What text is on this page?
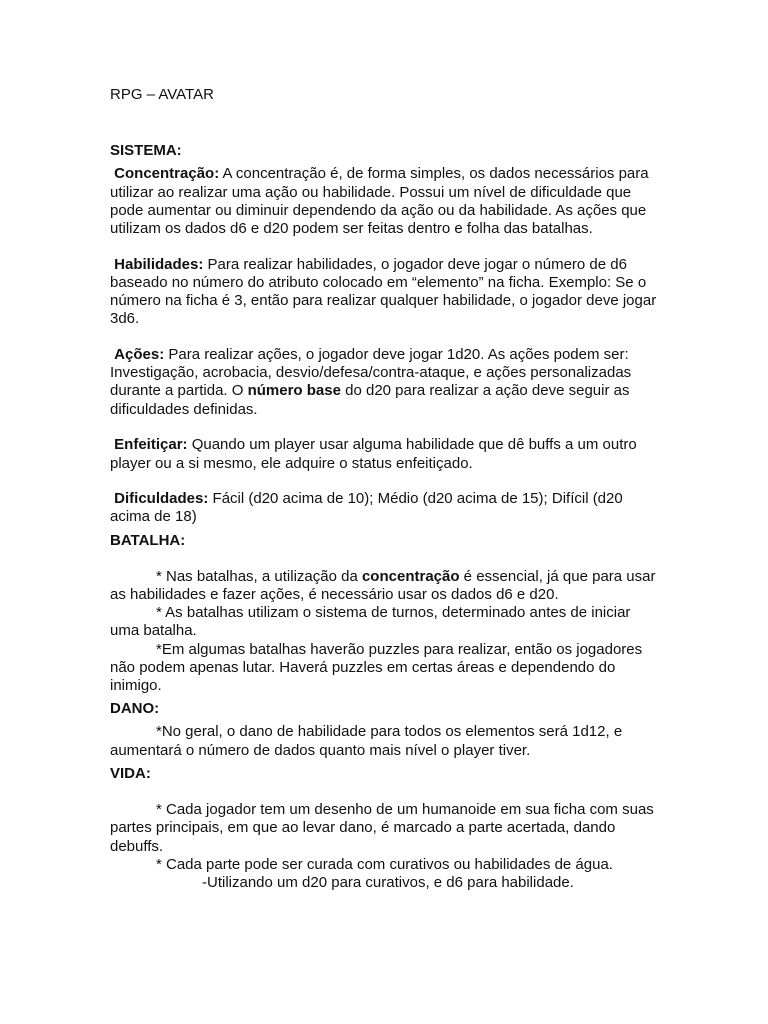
RPG – AVATAR

SISTEMA:

Concentração: A concentração é, de forma simples, os dados necessários para utilizar ao realizar uma ação ou habilidade. Possui um nível de dificuldade que pode aumentar ou diminuir dependendo da ação ou da habilidade. As ações que utilizam os dados d6 e d20 podem ser feitas dentro e folha das batalhas.

Habilidades: Para realizar habilidades, o jogador deve jogar o número de d6 baseado no número do atributo colocado em “elemento” na ficha. Exemplo: Se o número na ficha é 3, então para realizar qualquer habilidade, o jogador deve jogar 3d6.

Ações: Para realizar ações, o jogador deve jogar 1d20. As ações podem ser: Investigação, acrobacia, desvio/defesa/contra-ataque, e ações personalizadas durante a partida. O número base do d20 para realizar a ação deve seguir as dificuldades definidas.

Enfeitiçar: Quando um player usar alguma habilidade que dê buffs a um outro player ou a si mesmo, ele adquire o status enfeitiçado.

Dificuldades: Fácil (d20 acima de 10); Médio (d20 acima de 15); Difícil (d20 acima de 18)

BATALHA:

* Nas batalhas, a utilização da concentração é essencial, já que para usar as habilidades e fazer ações, é necessário usar os dados d6 e d20.

* As batalhas utilizam o sistema de turnos, determinado antes de iniciar uma batalha.

*Em algumas batalhas haverão puzzles para realizar, então os jogadores não podem apenas lutar. Haverá puzzles em certas áreas e dependendo do inimigo.

DANO:

*No geral, o dano de habilidade para todos os elementos será 1d12, e aumentará o número de dados quanto mais nível o player tiver.

VIDA:

* Cada jogador tem um desenho de um humanoide em sua ficha com suas partes principais, em que ao levar dano, é marcado a parte acertada, dando debuffs.

* Cada parte pode ser curada com curativos ou habilidades de água.

-Utilizando um d20 para curativos, e d6 para habilidade.
